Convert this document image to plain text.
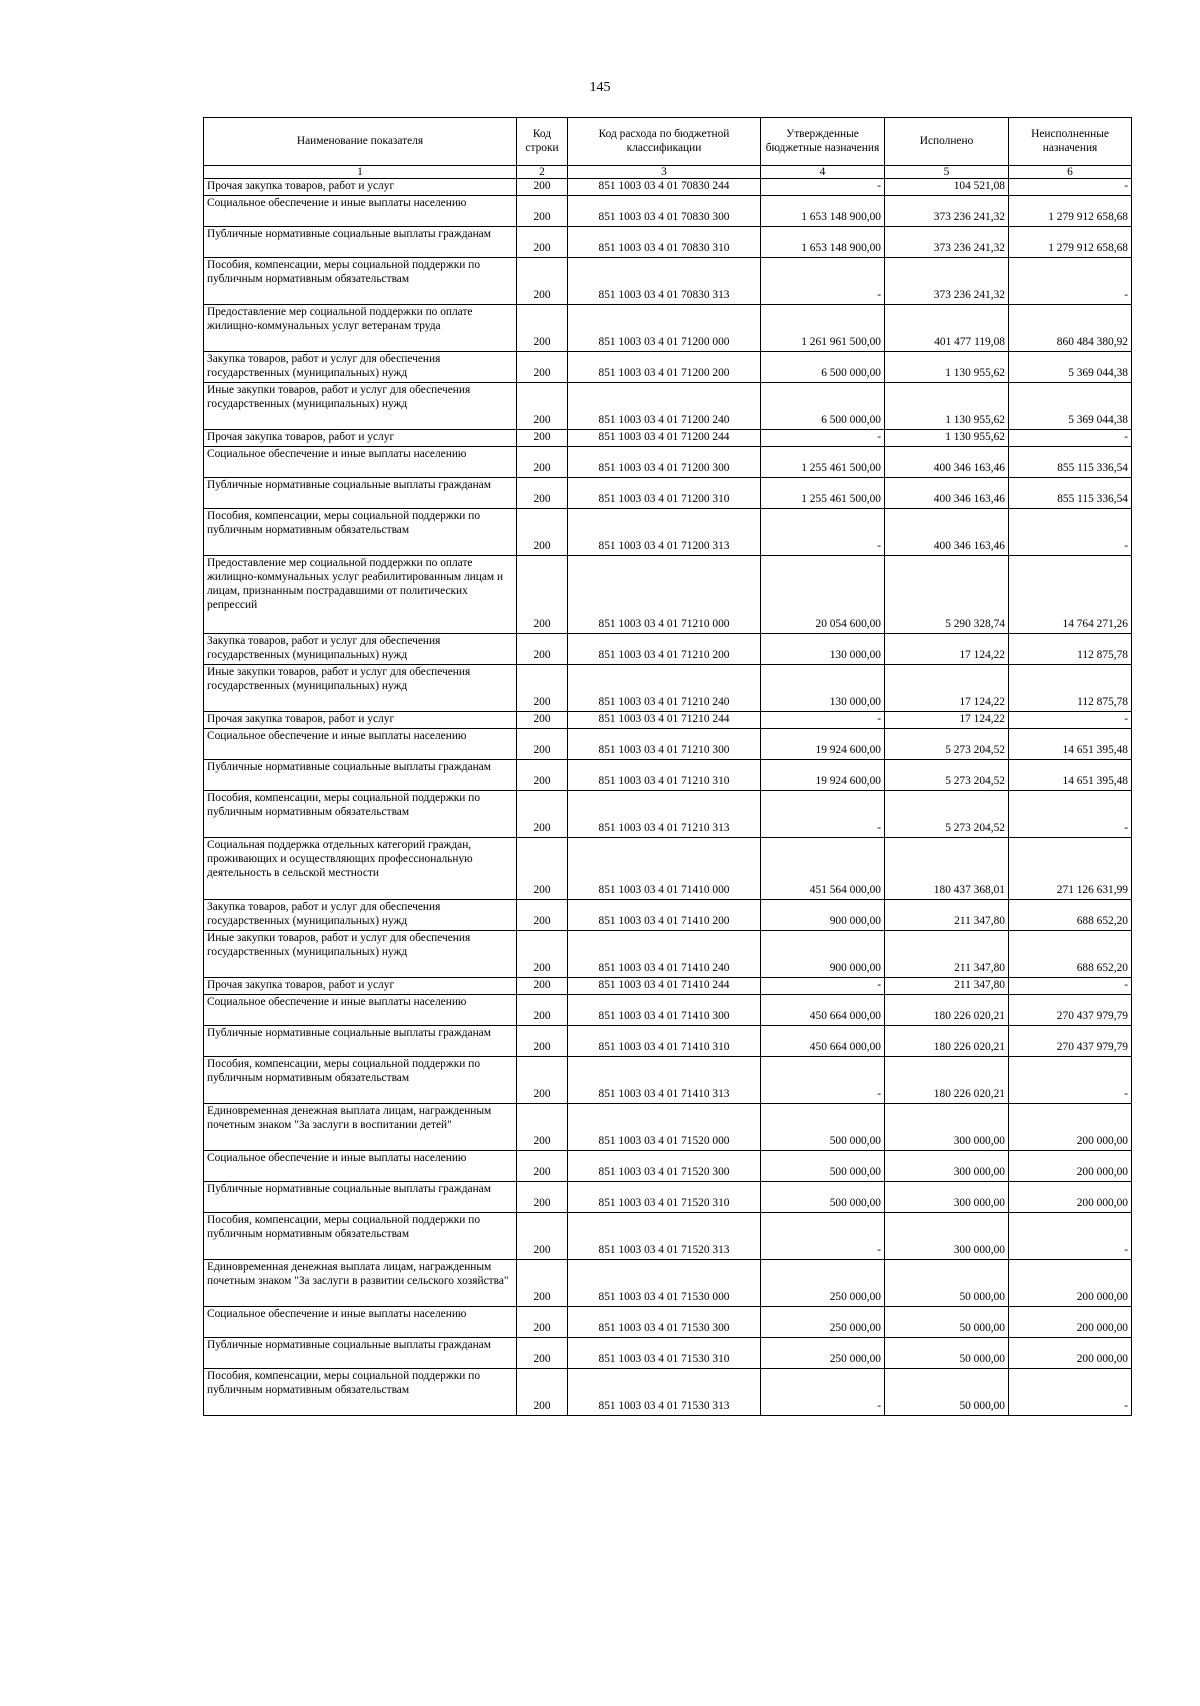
145
Наименование показателя	Код строки	Код расхода по бюджетной классификации	Утвержденные бюджетные назначения	Исполнено	Неисполненные назначения
1	2	3	4	5	6
Прочая закупка товаров, работ и услуг	200	851 1003 03 4 01 70830 244	-	104 521,08	-
Социальное обеспечение и иные выплаты населению	200	851 1003 03 4 01 70830 300	1 653 148 900,00	373 236 241,32	1 279 912 658,68
Публичные нормативные социальные выплаты гражданам	200	851 1003 03 4 01 70830 310	1 653 148 900,00	373 236 241,32	1 279 912 658,68
Пособия, компенсации, меры социальной поддержки по публичным нормативным обязательствам	200	851 1003 03 4 01 70830 313	-	373 236 241,32	-
Предоставление мер социальной поддержки по оплате жилищно-коммунальных услуг ветеранам труда	200	851 1003 03 4 01 71200 000	1 261 961 500,00	401 477 119,08	860 484 380,92
Закупка товаров, работ и услуг для обеспечения государственных (муниципальных) нужд	200	851 1003 03 4 01 71200 200	6 500 000,00	1 130 955,62	5 369 044,38
Иные закупки товаров, работ и услуг для обеспечения государственных (муниципальных) нужд	200	851 1003 03 4 01 71200 240	6 500 000,00	1 130 955,62	5 369 044,38
Прочая закупка товаров, работ и услуг	200	851 1003 03 4 01 71200 244	-	1 130 955,62	-
Социальное обеспечение и иные выплаты населению	200	851 1003 03 4 01 71200 300	1 255 461 500,00	400 346 163,46	855 115 336,54
Публичные нормативные социальные выплаты гражданам	200	851 1003 03 4 01 71200 310	1 255 461 500,00	400 346 163,46	855 115 336,54
Пособия, компенсации, меры социальной поддержки по публичным нормативным обязательствам	200	851 1003 03 4 01 71200 313	-	400 346 163,46	-
Предоставление мер социальной поддержки по оплате жилищно-коммунальных услуг реабилитированным лицам и лицам, признанным пострадавшими от политических репрессий	200	851 1003 03 4 01 71210 000	20 054 600,00	5 290 328,74	14 764 271,26
Закупка товаров, работ и услуг для обеспечения государственных (муниципальных) нужд	200	851 1003 03 4 01 71210 200	130 000,00	17 124,22	112 875,78
Иные закупки товаров, работ и услуг для обеспечения государственных (муниципальных) нужд	200	851 1003 03 4 01 71210 240	130 000,00	17 124,22	112 875,78
Прочая закупка товаров, работ и услуг	200	851 1003 03 4 01 71210 244	-	17 124,22	-
Социальное обеспечение и иные выплаты населению	200	851 1003 03 4 01 71210 300	19 924 600,00	5 273 204,52	14 651 395,48
Публичные нормативные социальные выплаты гражданам	200	851 1003 03 4 01 71210 310	19 924 600,00	5 273 204,52	14 651 395,48
Пособия, компенсации, меры социальной поддержки по публичным нормативным обязательствам	200	851 1003 03 4 01 71210 313	-	5 273 204,52	-
Социальная поддержка отдельных категорий граждан, проживающих и осуществляющих профессиональную деятельность в сельской местности	200	851 1003 03 4 01 71410 000	451 564 000,00	180 437 368,01	271 126 631,99
Закупка товаров, работ и услуг для обеспечения государственных (муниципальных) нужд	200	851 1003 03 4 01 71410 200	900 000,00	211 347,80	688 652,20
Иные закупки товаров, работ и услуг для обеспечения государственных (муниципальных) нужд	200	851 1003 03 4 01 71410 240	900 000,00	211 347,80	688 652,20
Прочая закупка товаров, работ и услуг	200	851 1003 03 4 01 71410 244	-	211 347,80	-
Социальное обеспечение и иные выплаты населению	200	851 1003 03 4 01 71410 300	450 664 000,00	180 226 020,21	270 437 979,79
Публичные нормативные социальные выплаты гражданам	200	851 1003 03 4 01 71410 310	450 664 000,00	180 226 020,21	270 437 979,79
Пособия, компенсации, меры социальной поддержки по публичным нормативным обязательствам	200	851 1003 03 4 01 71410 313	-	180 226 020,21	-
Единовременная денежная выплата лицам, награжденным почетным знаком "За заслуги в воспитании детей"	200	851 1003 03 4 01 71520 000	500 000,00	300 000,00	200 000,00
Социальное обеспечение и иные выплаты населению	200	851 1003 03 4 01 71520 300	500 000,00	300 000,00	200 000,00
Публичные нормативные социальные выплаты гражданам	200	851 1003 03 4 01 71520 310	500 000,00	300 000,00	200 000,00
Пособия, компенсации, меры социальной поддержки по публичным нормативным обязательствам	200	851 1003 03 4 01 71520 313	-	300 000,00	-
Единовременная денежная выплата лицам, награжденным почетным знаком "За заслуги в развитии сельского хозяйства"	200	851 1003 03 4 01 71530 000	250 000,00	50 000,00	200 000,00
Социальное обеспечение и иные выплаты населению	200	851 1003 03 4 01 71530 300	250 000,00	50 000,00	200 000,00
Публичные нормативные социальные выплаты гражданам	200	851 1003 03 4 01 71530 310	250 000,00	50 000,00	200 000,00
Пособия, компенсации, меры социальной поддержки по публичным нормативным обязательствам	200	851 1003 03 4 01 71530 313	-	50 000,00	-
